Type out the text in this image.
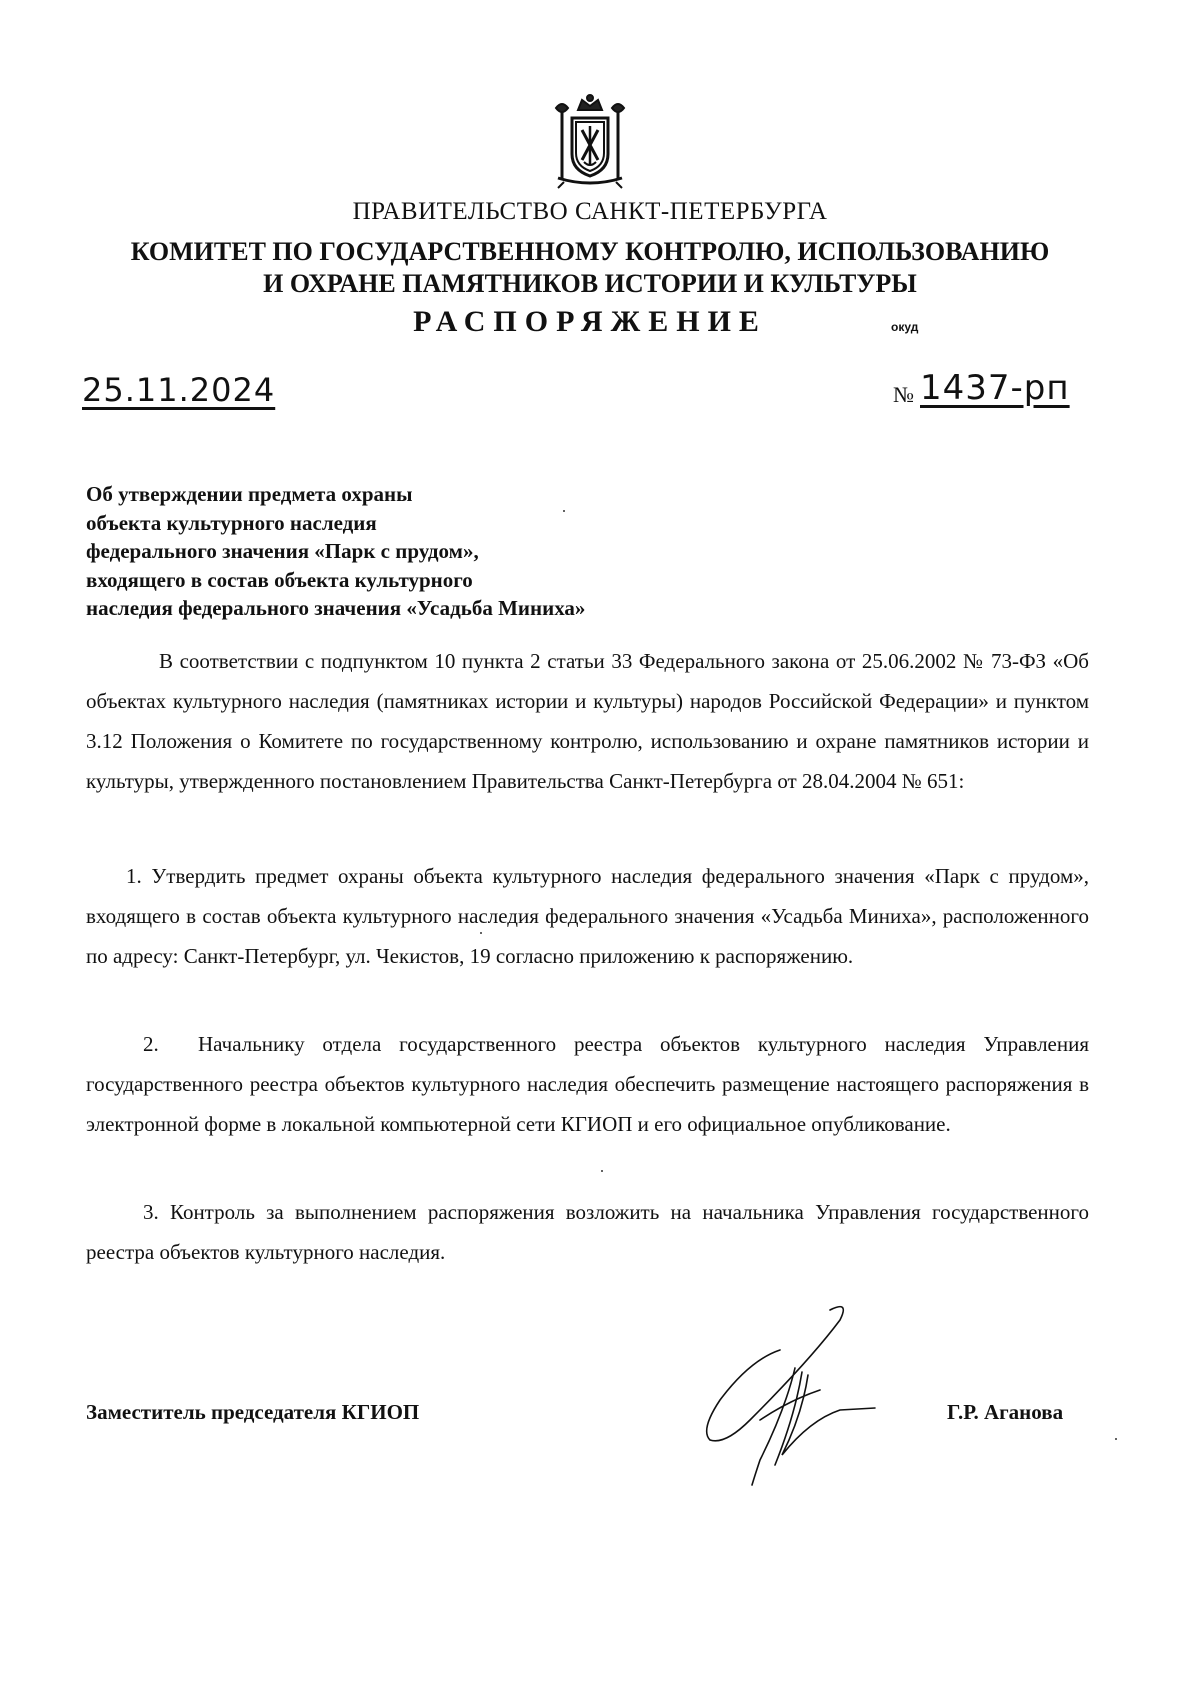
ПРАВИТЕЛЬСТВО САНКТ-ПЕТЕРБУРГА
КОМИТЕТ ПО ГОСУДАРСТВЕННОМУ КОНТРОЛЮ, ИСПОЛЬЗОВАНИЮ
И ОХРАНЕ ПАМЯТНИКОВ ИСТОРИИ И КУЛЬТУРЫ
РАСПОРЯЖЕНИЕ	окуд
25.11.2024	№ 1437-рп
Об утверждении предмета охраны
объекта культурного наследия
федерального значения «Парк с прудом»,
входящего в состав объекта культурного
наследия федерального значения «Усадьба Миниха»

В соответствии с подпунктом 10 пункта 2 статьи 33 Федерального закона от 25.06.2002 № 73-ФЗ «Об объектах культурного наследия (памятниках истории и культуры) народов Российской Федерации» и пунктом 3.12 Положения о Комитете по государственному контролю, использованию и охране памятников истории и культуры, утвержденного постановлением Правительства Санкт-Петербурга от 28.04.2004 № 651:

1. Утвердить предмет охраны объекта культурного наследия федерального значения «Парк с прудом», входящего в состав объекта культурного наследия федерального значения «Усадьба Миниха», расположенного по адресу: Санкт-Петербург, ул. Чекистов, 19 согласно приложению к распоряжению.

2. Начальнику отдела государственного реестра объектов культурного наследия Управления государственного реестра объектов культурного наследия обеспечить размещение настоящего распоряжения в электронной форме в локальной компьютерной сети КГИОП и его официальное опубликование.

3. Контроль за выполнением распоряжения возложить на начальника Управления государственного реестра объектов культурного наследия.

Заместитель председателя КГИОП	Г.Р. Аганова
